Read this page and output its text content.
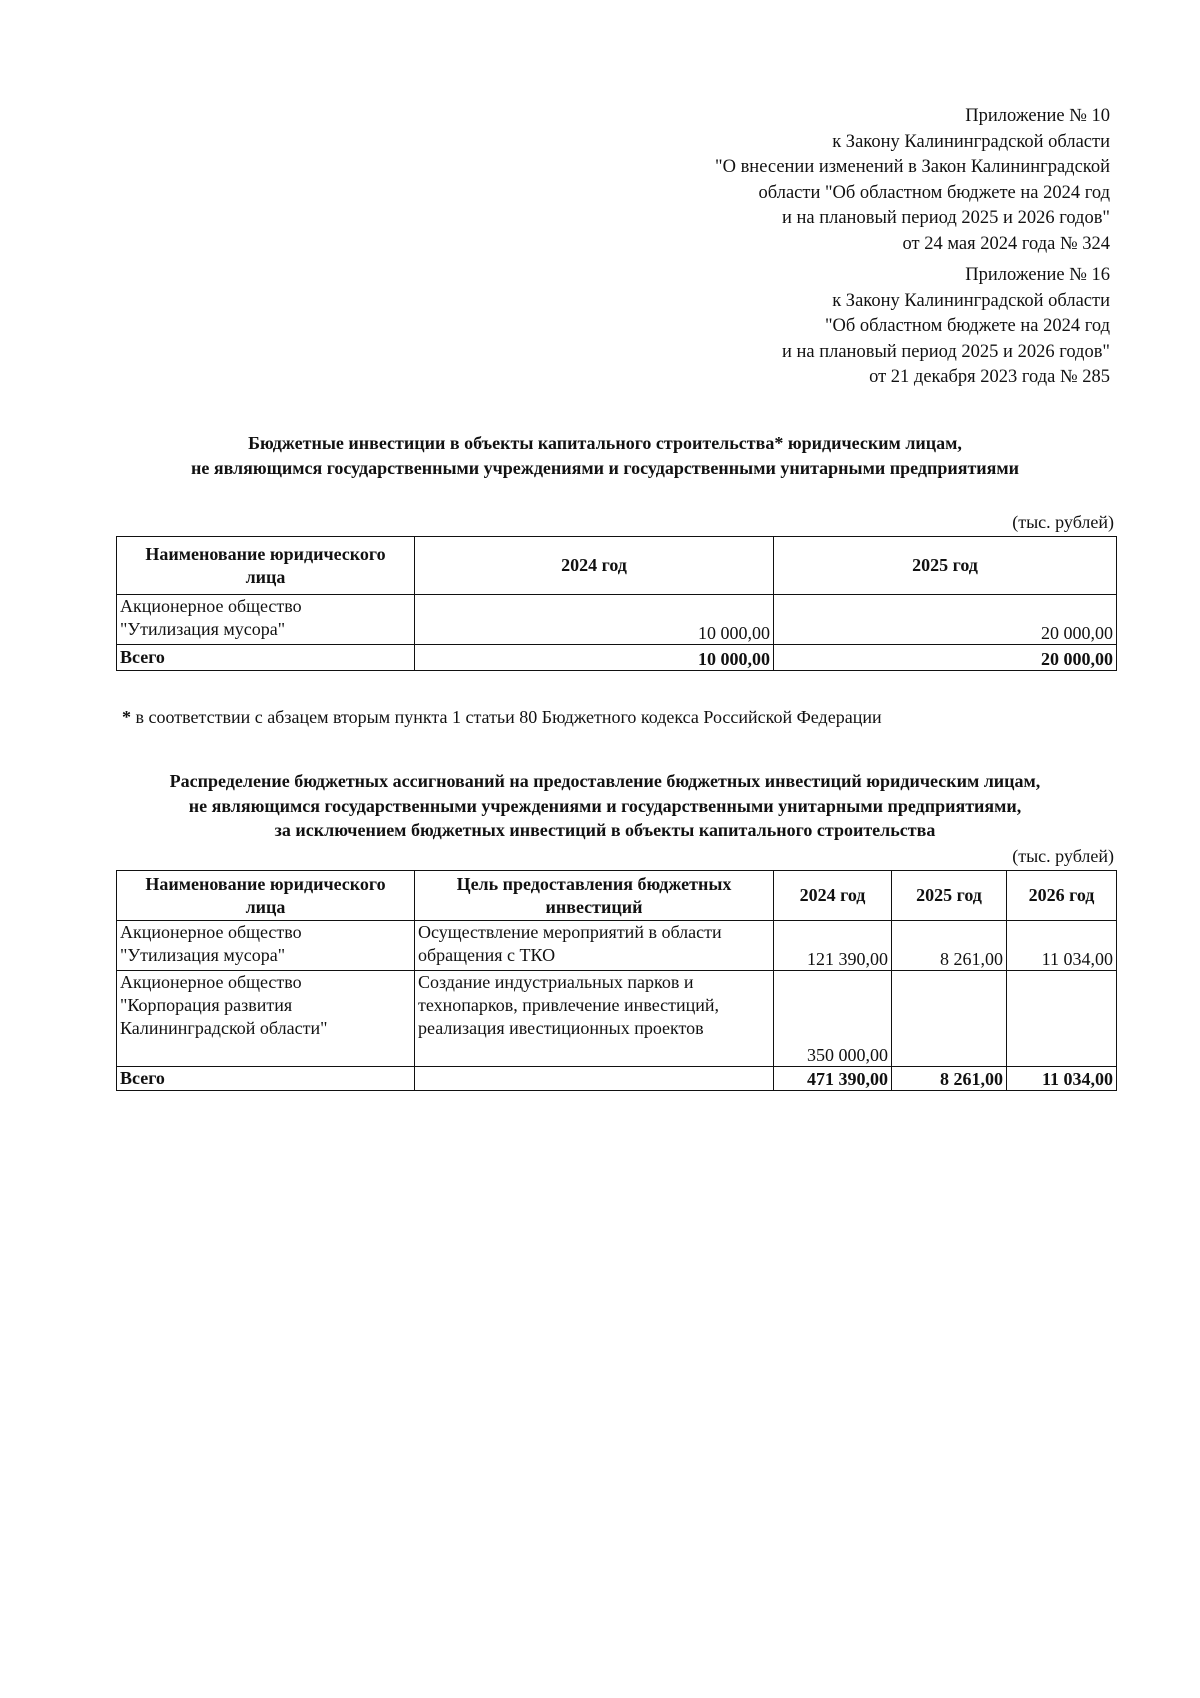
Приложение № 10
к Закону Калининградской области
"О внесении изменений в Закон Калининградской
области "Об областном бюджете на 2024 год
и на плановый период 2025 и 2026 годов"
от 24 мая 2024 года № 324
Приложение № 16
к Закону Калининградской области
"Об областном бюджете на 2024 год
и на плановый период 2025 и 2026 годов"
от 21 декабря 2023 года № 285
Бюджетные инвестиции в объекты капитального строительства* юридическим лицам,
не являющимся государственными учреждениями и государственными унитарными предприятиями
(тыс. рублей)
Наименование юридического
лица	2024 год	2025 год

Акционерное общество
"Утилизация мусора"	10 000,00	20 000,00
Всего	10 000,00	20 000,00
* в соответствии с абзацем вторым пункта 1 статьи 80 Бюджетного кодекса Российской Федерации
Распределение бюджетных ассигнований на предоставление бюджетных инвестиций юридическим лицам,
не являющимся государственными учреждениями и государственными унитарными предприятиями,
за исключением бюджетных инвестиций в объекты капитального строительства
(тыс. рублей)
Наименование юридического
лица	Цель предоставления бюджетных
инвестиций	2024 год	2025 год	2026 год

Акционерное общество
"Утилизация мусора"	Осуществление мероприятий в области
обращения с ТКО	121 390,00	8 261,00	11 034,00

Акционерное общество
"Корпорация развития
Калининградской области"	Создание индустриальных парков и
технопарков, привлечение инвестиций,
реализация ивестиционных проектов	350 000,00		
Всего		471 390,00	8 261,00	11 034,00
